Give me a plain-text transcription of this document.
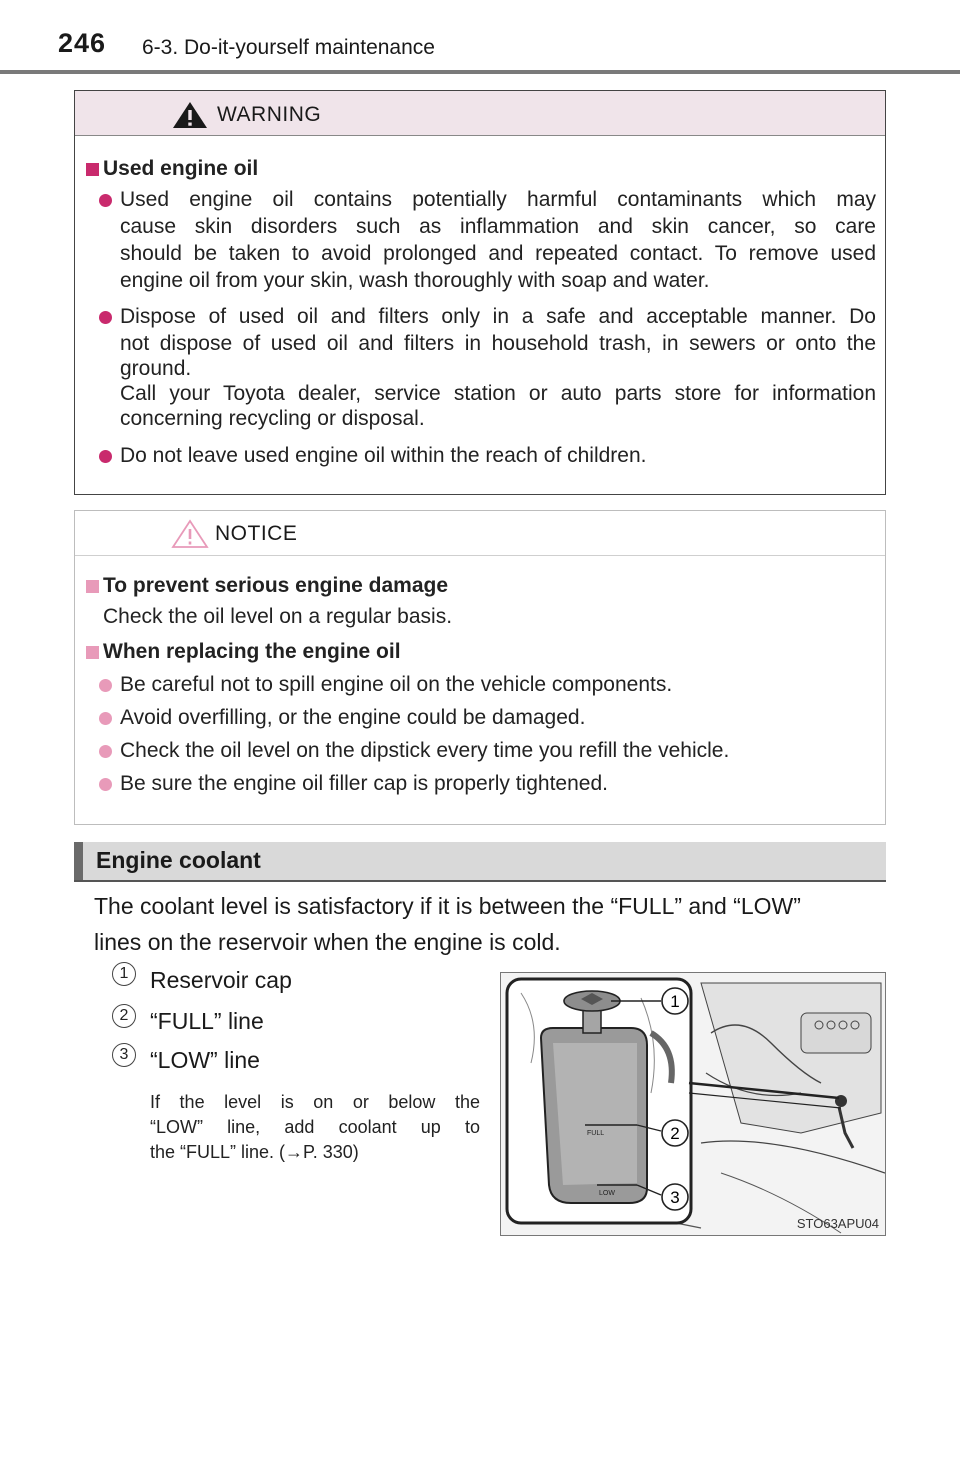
246 6-3. Do-it-yourself maintenance
WARNING
Used engine oil
Used engine oil contains potentially harmful contaminants which may
cause skin disorders such as inflammation and skin cancer, so care
should be taken to avoid prolonged and repeated contact. To remove used
engine oil from your skin, wash thoroughly with soap and water.
Dispose of used oil and filters only in a safe and acceptable manner. Do
not dispose of used oil and filters in household trash, in sewers or onto the
ground.
Call your Toyota dealer, service station or auto parts store for information
concerning recycling or disposal.
Do not leave used engine oil within the reach of children.
NOTICE
To prevent serious engine damage
Check the oil level on a regular basis.
When replacing the engine oil
Be careful not to spill engine oil on the vehicle components.
Avoid overfilling, or the engine could be damaged.
Check the oil level on the dipstick every time you refill the vehicle.
Be sure the engine oil filler cap is properly tightened.
Engine coolant
The coolant level is satisfactory if it is between the “FULL” and “LOW”
lines on the reservoir when the engine is cold.
1 Reservoir cap
2 “FULL” line
3 “LOW” line
If the level is on or below the
“LOW” line, add coolant up to
the “FULL” line. (→P. 330)
1
2
3
FULL
LOW
STO63APU04
